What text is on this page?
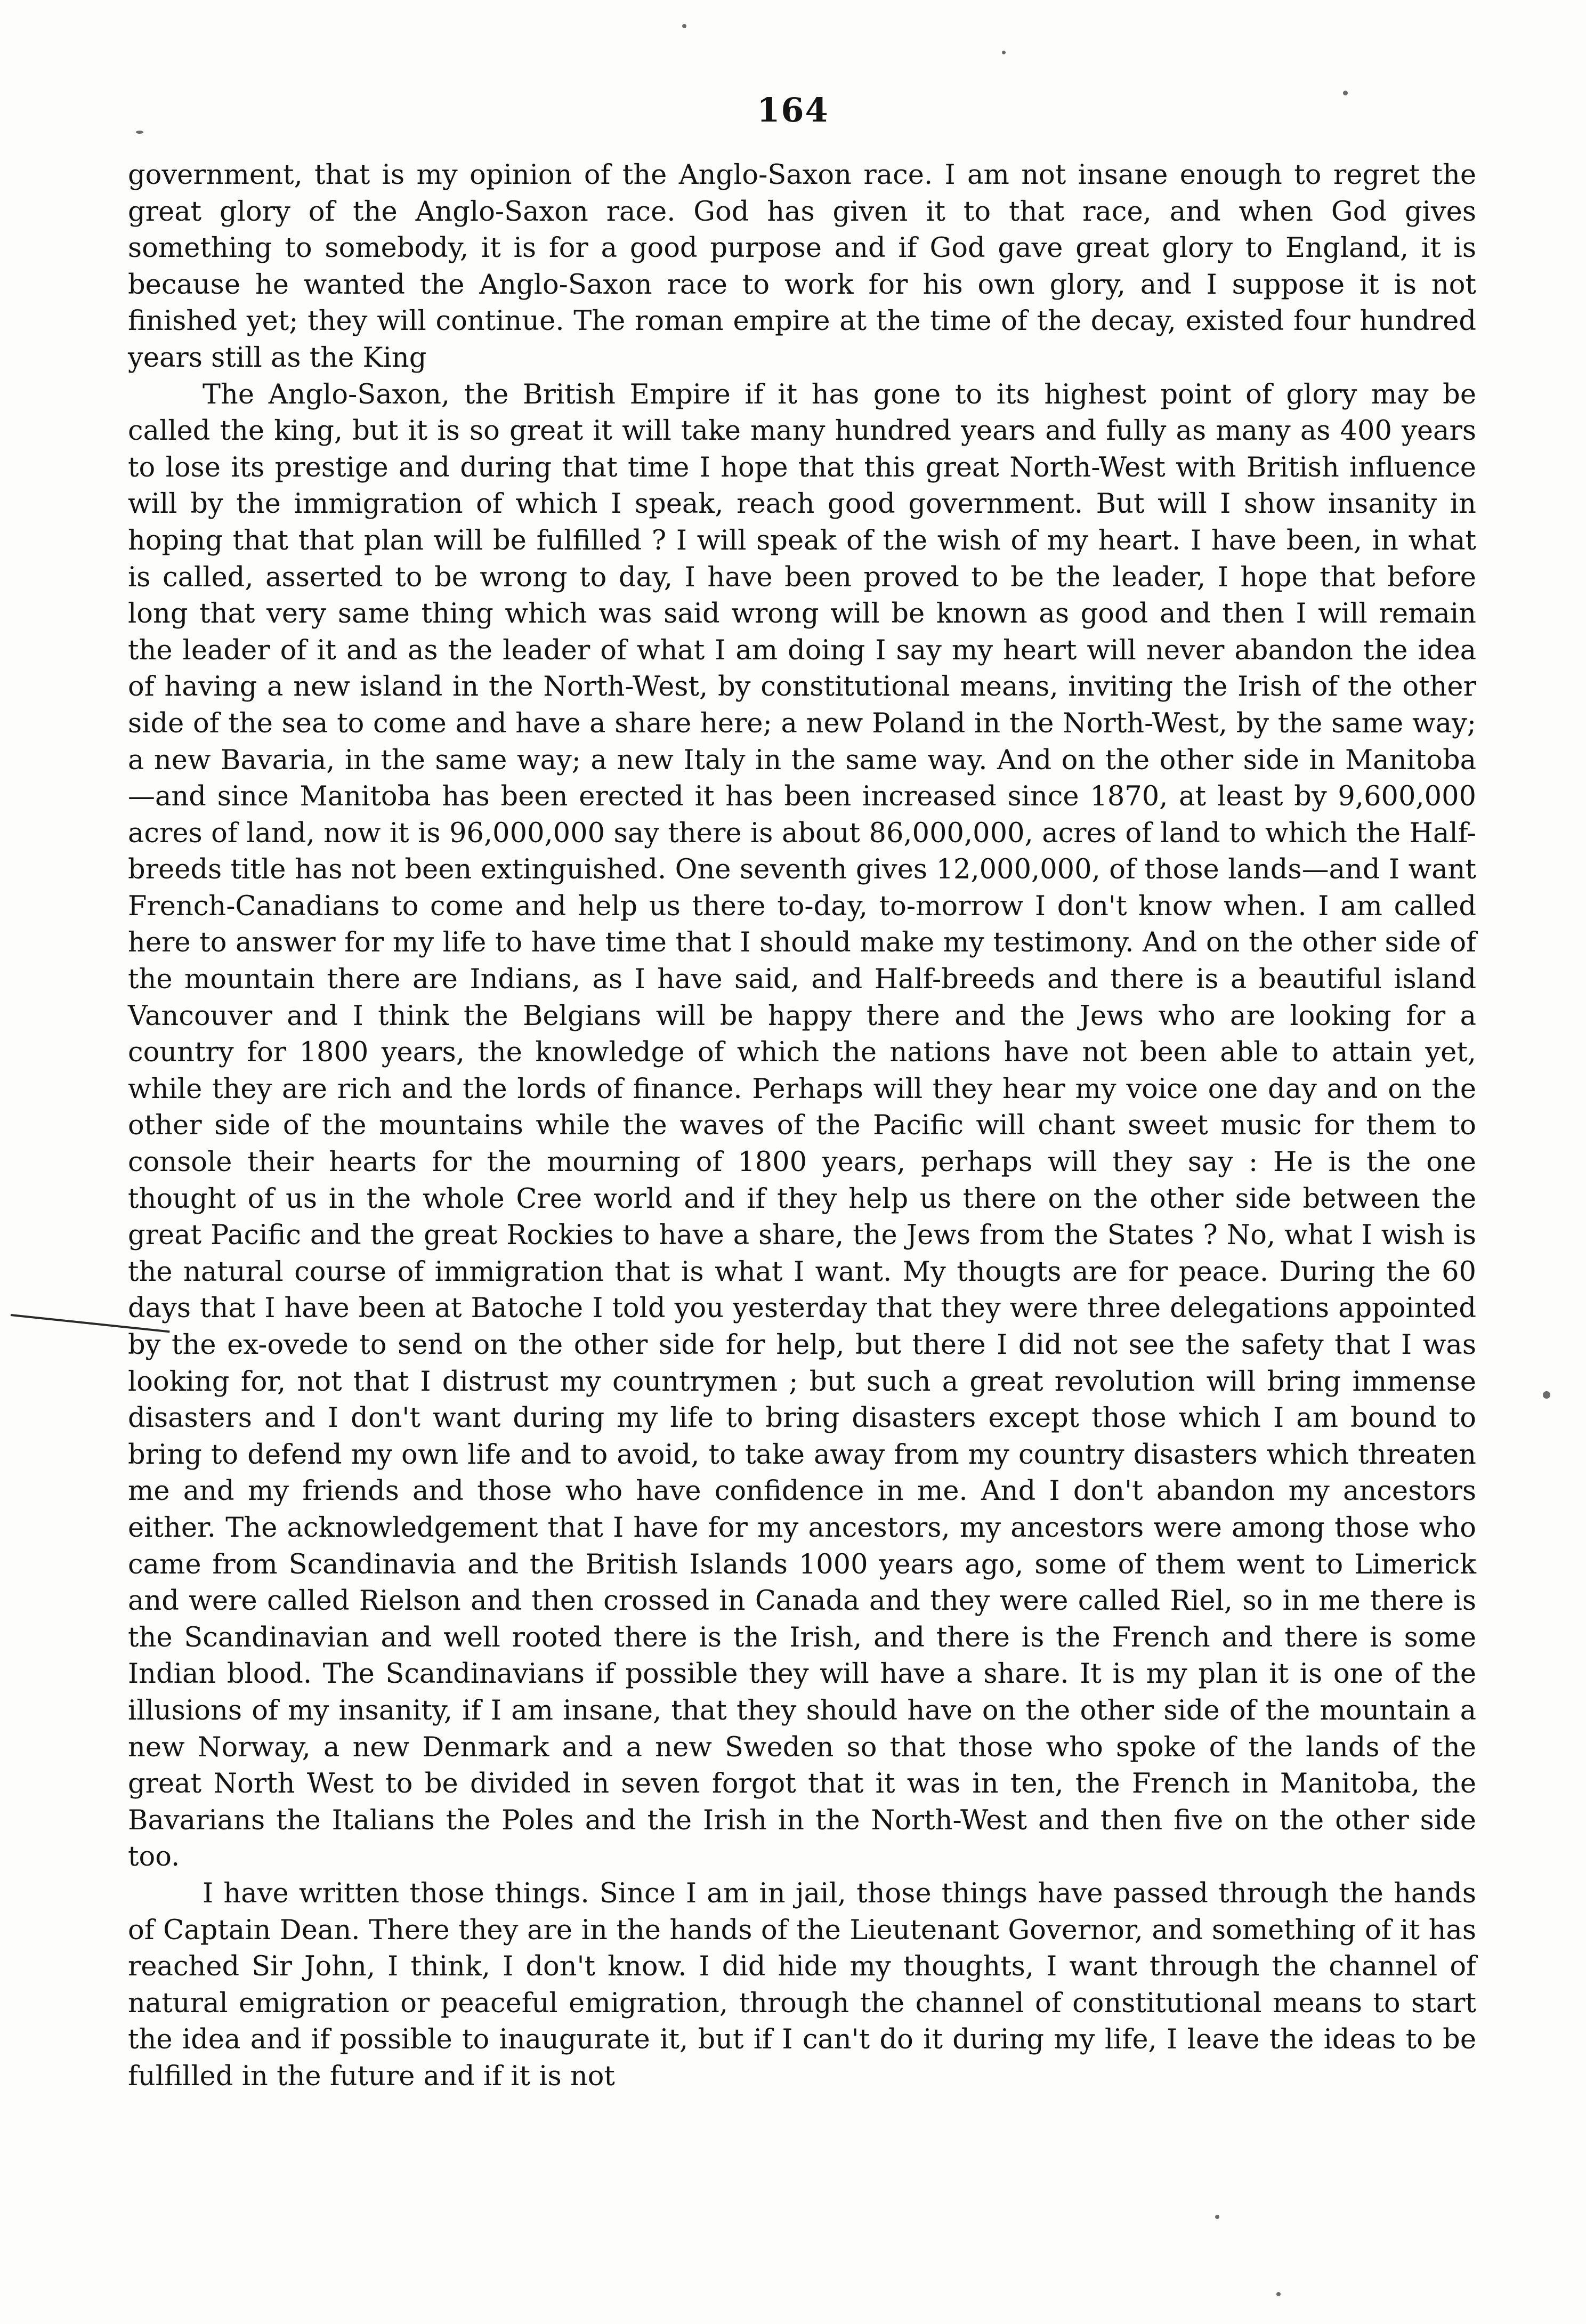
164

government, that is my opinion of the Anglo-Saxon race. I am not insane enough to regret the great glory of the Anglo-Saxon race. God has given it to that race, and when God gives something to somebody, it is for a good purpose and if God gave great glory to England, it is because he wanted the Anglo-Saxon race to work for his own glory, and I suppose it is not finished yet; they will continue. The roman empire at the time of the decay, existed four hundred years still as the King

The Anglo-Saxon, the British Empire if it has gone to its highest point of glory may be called the king, but it is so great it will take many hundred years and fully as many as 400 years to lose its prestige and during that time I hope that this great North-West with British influence will by the immigration of which I speak, reach good government. But will I show insanity in hoping that that plan will be fulfilled ? I will speak of the wish of my heart. I have been, in what is called, asserted to be wrong to day, I have been proved to be the leader, I hope that before long that very same thing which was said wrong will be known as good and then I will remain the leader of it and as the leader of what I am doing I say my heart will never abandon the idea of having a new island in the North-West, by constitutional means, inviting the Irish of the other side of the sea to come and have a share here; a new Poland in the North-West, by the same way; a new Bavaria, in the same way; a new Italy in the same way. And on the other side in Manitoba—and since Manitoba has been erected it has been increased since 1870, at least by 9,600,000 acres of land, now it is 96,000,000 say there is about 86,000,000, acres of land to which the Half-breeds title has not been extinguished. One seventh gives 12,000,000, of those lands—and I want French-Canadians to come and help us there to-day, to-morrow I don't know when. I am called here to answer for my life to have time that I should make my testimony. And on the other side of the mountain there are Indians, as I have said, and Half-breeds and there is a beautiful island Vancouver and I think the Belgians will be happy there and the Jews who are looking for a country for 1800 years, the knowledge of which the nations have not been able to attain yet, while they are rich and the lords of finance. Perhaps will they hear my voice one day and on the other side of the mountains while the waves of the Pacific will chant sweet music for them to console their hearts for the mourning of 1800 years, perhaps will they say : He is the one thought of us in the whole Cree world and if they help us there on the other side between the great Pacific and the great Rockies to have a share, the Jews from the States ? No, what I wish is the natural course of immigration that is what I want. My thougts are for peace. During the 60 days that I have been at Batoche I told you yesterday that they were three delegations appointed by the ex-ovede to send on the other side for help, but there I did not see the safety that I was looking for, not that I distrust my countrymen ; but such a great revolution will bring immense disasters and I don't want during my life to bring disasters except those which I am bound to bring to defend my own life and to avoid, to take away from my country disasters which threaten me and my friends and those who have confidence in me. And I don't abandon my ancestors either. The acknowledgement that I have for my ancestors, my ancestors were among those who came from Scandinavia and the British Islands 1000 years ago, some of them went to Limerick and were called Rielson and then crossed in Canada and they were called Riel, so in me there is the Scandinavian and well rooted there is the Irish, and there is the French and there is some Indian blood. The Scandinavians if possible they will have a share. It is my plan it is one of the illusions of my insanity, if I am insane, that they should have on the other side of the mountain a new Norway, a new Denmark and a new Sweden so that those who spoke of the lands of the great North West to be divided in seven forgot that it was in ten, the French in Manitoba, the Bavarians the Italians the Poles and the Irish in the North-West and then five on the other side too.

I have written those things. Since I am in jail, those things have passed through the hands of Captain Dean. There they are in the hands of the Lieutenant Governor, and something of it has reached Sir John, I think, I don't know. I did hide my thoughts, I want through the channel of natural emigration or peaceful emigration, through the channel of constitutional means to start the idea and if possible to inaugurate it, but if I can't do it during my life, I leave the ideas to be fulfilled in the future and if it is not
